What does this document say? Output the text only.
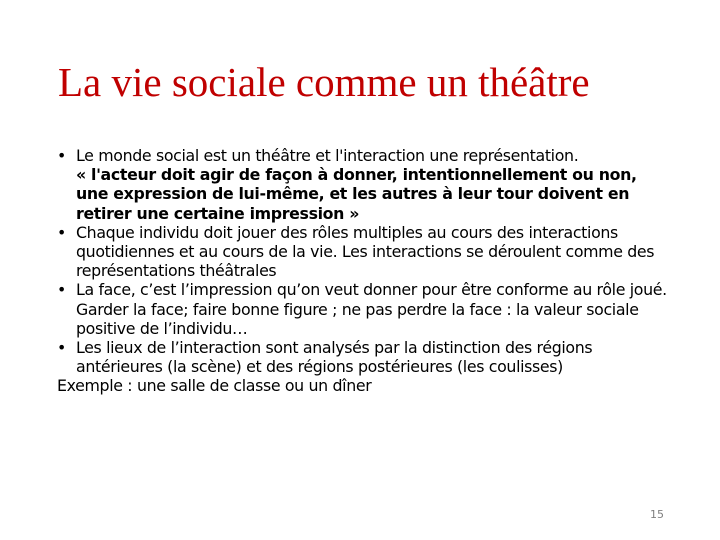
La vie sociale comme un théâtre
• Le monde social est un théâtre et l'interaction une représentation.
« l'acteur doit agir de façon à donner, intentionnellement ou non, une expression de lui-même, et les autres à leur tour doivent en retirer une certaine impression »
• Chaque individu doit jouer des rôles multiples au cours des interactions quotidiennes et au cours de la vie. Les interactions se déroulent comme des représentations théâtrales
• La face, c’est l’impression qu’on veut donner pour être conforme au rôle joué. Garder la face; faire bonne figure ; ne pas perdre la face : la valeur sociale positive de l’individu…
• Les lieux de l’interaction sont analysés par la distinction des régions antérieures (la scène) et des régions postérieures (les coulisses)

Exemple : une salle de classe ou un dîner

15
